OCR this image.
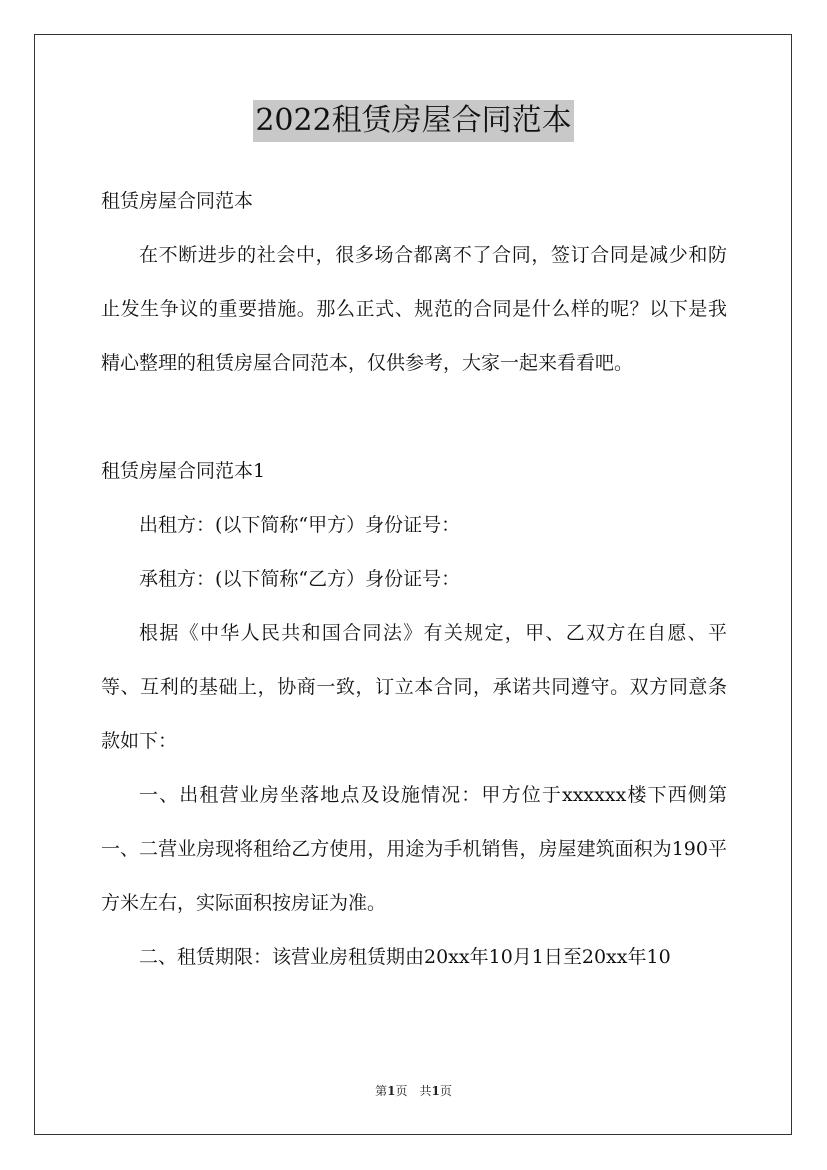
2022租赁房屋合同范本

租赁房屋合同范本

在不断进步的社会中，很多场合都离不了合同，签订合同是减少和防止发生争议的重要措施。那么正式、规范的合同是什么样的呢？以下是我精心整理的租赁房屋合同范本，仅供参考，大家一起来看看吧。

租赁房屋合同范本1

出租方：(以下简称“甲方）身份证号：

承租方：(以下简称“乙方）身份证号：

根据《中华人民共和国合同法》有关规定，甲、乙双方在自愿、平等、互利的基础上，协商一致，订立本合同，承诺共同遵守。双方同意条款如下：

一、出租营业房坐落地点及设施情况：甲方位于xxxxxx楼下西侧第一、二营业房现将租给乙方使用，用途为手机销售，房屋建筑面积为190平方米左右，实际面积按房证为准。

二、租赁期限：该营业房租赁期由20xx年10月1日至20xx年10

第1页 共1页
